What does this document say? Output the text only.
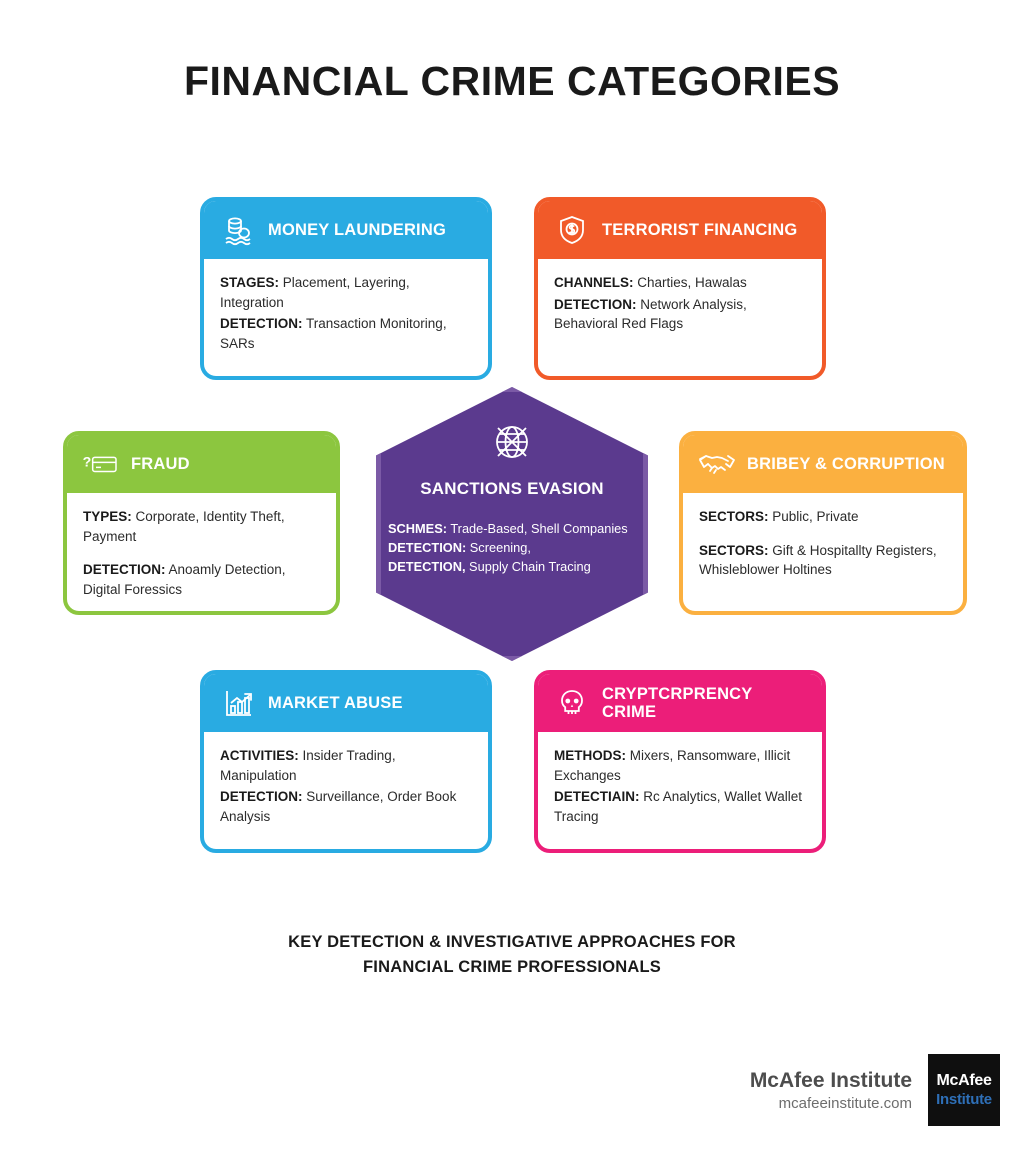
FINANCIAL CRIME CATEGORIES
MONEY LAUNDERING

STAGES: Placement, Layering, Integration

DETECTION: Transaction Monitoring, SARs

TERRORIST FINANCING

CHANNELS: Charties, Hawalas

DETECTION: Network Analysis, Behavioral Red Flags

? FRAUD

TYPES: Corporate, Identity Theft, Payment

DETECTION: Anoamly Detection, Digital Foressics

BRIBEY & CORRUPTION

SECTORS: Public, Private

SECTORS: Gift & Hospitallty Registers, Whisleblower Holtines

MARKET ABUSE

ACTIVITIES: Insider Trading, Manipulation

DETECTION: Surveillance, Order Book Analysis

CRYPTCRPRENCY CRIME

METHODS: Mixers, Ransomware, Illicit Exchanges

DETECTIAIN: Rc Analytics, Wallet Wallet Tracing

SANCTIONS EVASION

SCHMES: Trade-Based, Shell Companies

DETECTION: Screening,

DETECTION, Supply Chain Tracing

KEY DETECTION & INVESTIGATIVE APPROACHES FOR
FINANCIAL CRIME PROFESSIONALS
McAfee Institute
mcafeeinstitute.com
McAfee
Institute
